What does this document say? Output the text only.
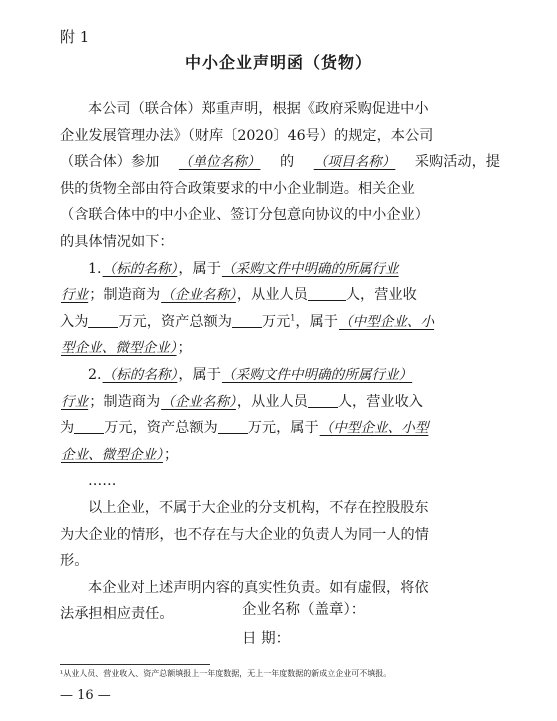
附 1
中小企业声明函（货物）
本公司（联合体）郑重声明，根据《政府采购促进中小
企业发展管理办法》（财库〔2020〕46号）的规定，本公司
（联合体）参加 （单位名称） 的 （项目名称） 采购活动，提
供的货物全部由符合政策要求的中小企业制造。相关企业
（含联合体中的中小企业、签订分包意向协议的中小企业）
的具体情况如下：
1.（标的名称），属于（采购文件中明确的所属行业
行业；制造商为（企业名称），从业人员	人，营业收
入为 万元，资产总额为 万元$^1$，属于（中型企业、小
型企业、微型企业）；
2.（标的名称），属于（采购文件中明确的所属行业）
行业；制造商为（企业名称），从业人员 人，营业收入
为 万元，资产总额为 万元，属于（中型企业、小型
企业、微型企业）；
……
以上企业，不属于大企业的分支机构，不存在控股股东
为大企业的情形，也不存在与大企业的负责人为同一人的情
形。
本企业对上述声明内容的真实性负责。如有虚假，将依
法承担相应责任。	企业名称（盖章）：
日 期：
¹从业人员、营业收入、资产总额填报上一年度数据，无上一年度数据的新成立企业可不填报。
— 16 —
